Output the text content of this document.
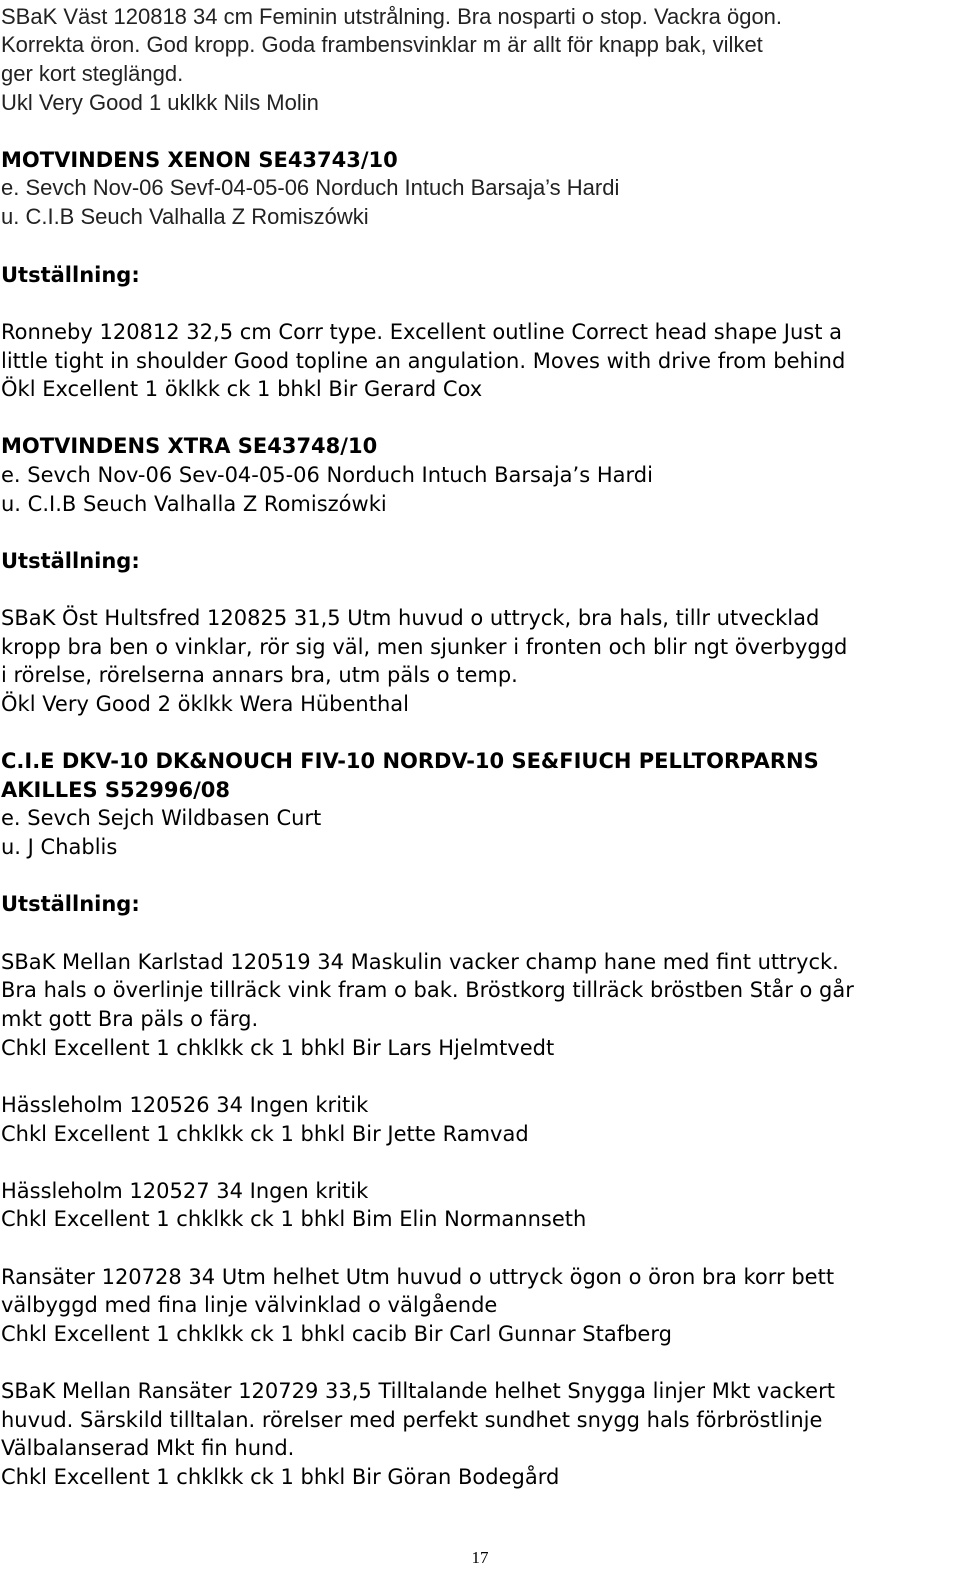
SBaK Väst 120818 34 cm Feminin utstrålning. Bra nosparti o stop. Vackra ögon.
Korrekta öron. God kropp. Goda frambensvinklar m är allt för knapp bak, vilket
ger kort steglängd.
Ukl Very Good 1 uklkk Nils Molin
MOTVINDENS XENON SE43743/10
e. Sevch Nov-06 Sevf-04-05-06 Norduch Intuch Barsaja’s Hardi
u. C.I.B Seuch Valhalla Z Romiszówki
Utställning:
Ronneby 120812 32,5 cm Corr type. Excellent outline Correct head shape Just a
little tight in shoulder Good topline an angulation. Moves with drive from behind
Ökl Excellent 1 öklkk ck 1 bhkl Bir Gerard Cox
MOTVINDENS XTRA SE43748/10
e. Sevch Nov-06 Sev-04-05-06 Norduch Intuch Barsaja’s Hardi
u. C.I.B Seuch Valhalla Z Romiszówki
Utställning:
SBaK Öst Hultsfred 120825 31,5 Utm huvud o uttryck, bra hals, tillr utvecklad
kropp bra ben o vinklar, rör sig väl, men sjunker i fronten och blir ngt överbyggd
i rörelse, rörelserna annars bra, utm päls o temp.
Ökl Very Good 2 öklkk Wera Hübenthal
C.I.E DKV-10 DK&NOUCH FIV-10 NORDV-10 SE&FIUCH PELLTORPARNS
AKILLES S52996/08
e. Sevch Sejch Wildbasen Curt
u. J Chablis
Utställning:
SBaK Mellan Karlstad 120519 34 Maskulin vacker champ hane med fint uttryck.
Bra hals o överlinje tillräck vink fram o bak. Bröstkorg tillräck bröstben Står o går
mkt gott Bra päls o färg.
Chkl Excellent 1 chklkk ck 1 bhkl Bir Lars Hjelmtvedt
Hässleholm 120526 34 Ingen kritik
Chkl Excellent 1 chklkk ck 1 bhkl Bir Jette Ramvad
Hässleholm 120527 34 Ingen kritik
Chkl Excellent 1 chklkk ck 1 bhkl Bim Elin Normannseth
Ransäter 120728 34 Utm helhet Utm huvud o uttryck ögon o öron bra korr bett
välbyggd med fina linje välvinklad o välgående
Chkl Excellent 1 chklkk ck 1 bhkl cacib Bir Carl Gunnar Stafberg
SBaK Mellan Ransäter 120729 33,5 Tilltalande helhet Snygga linjer Mkt vackert
huvud. Särskild tilltalan. rörelser med perfekt sundhet snygg hals förbröstlinje
Välbalanserad Mkt fin hund.
Chkl Excellent 1 chklkk ck 1 bhkl Bir Göran Bodegård
17
